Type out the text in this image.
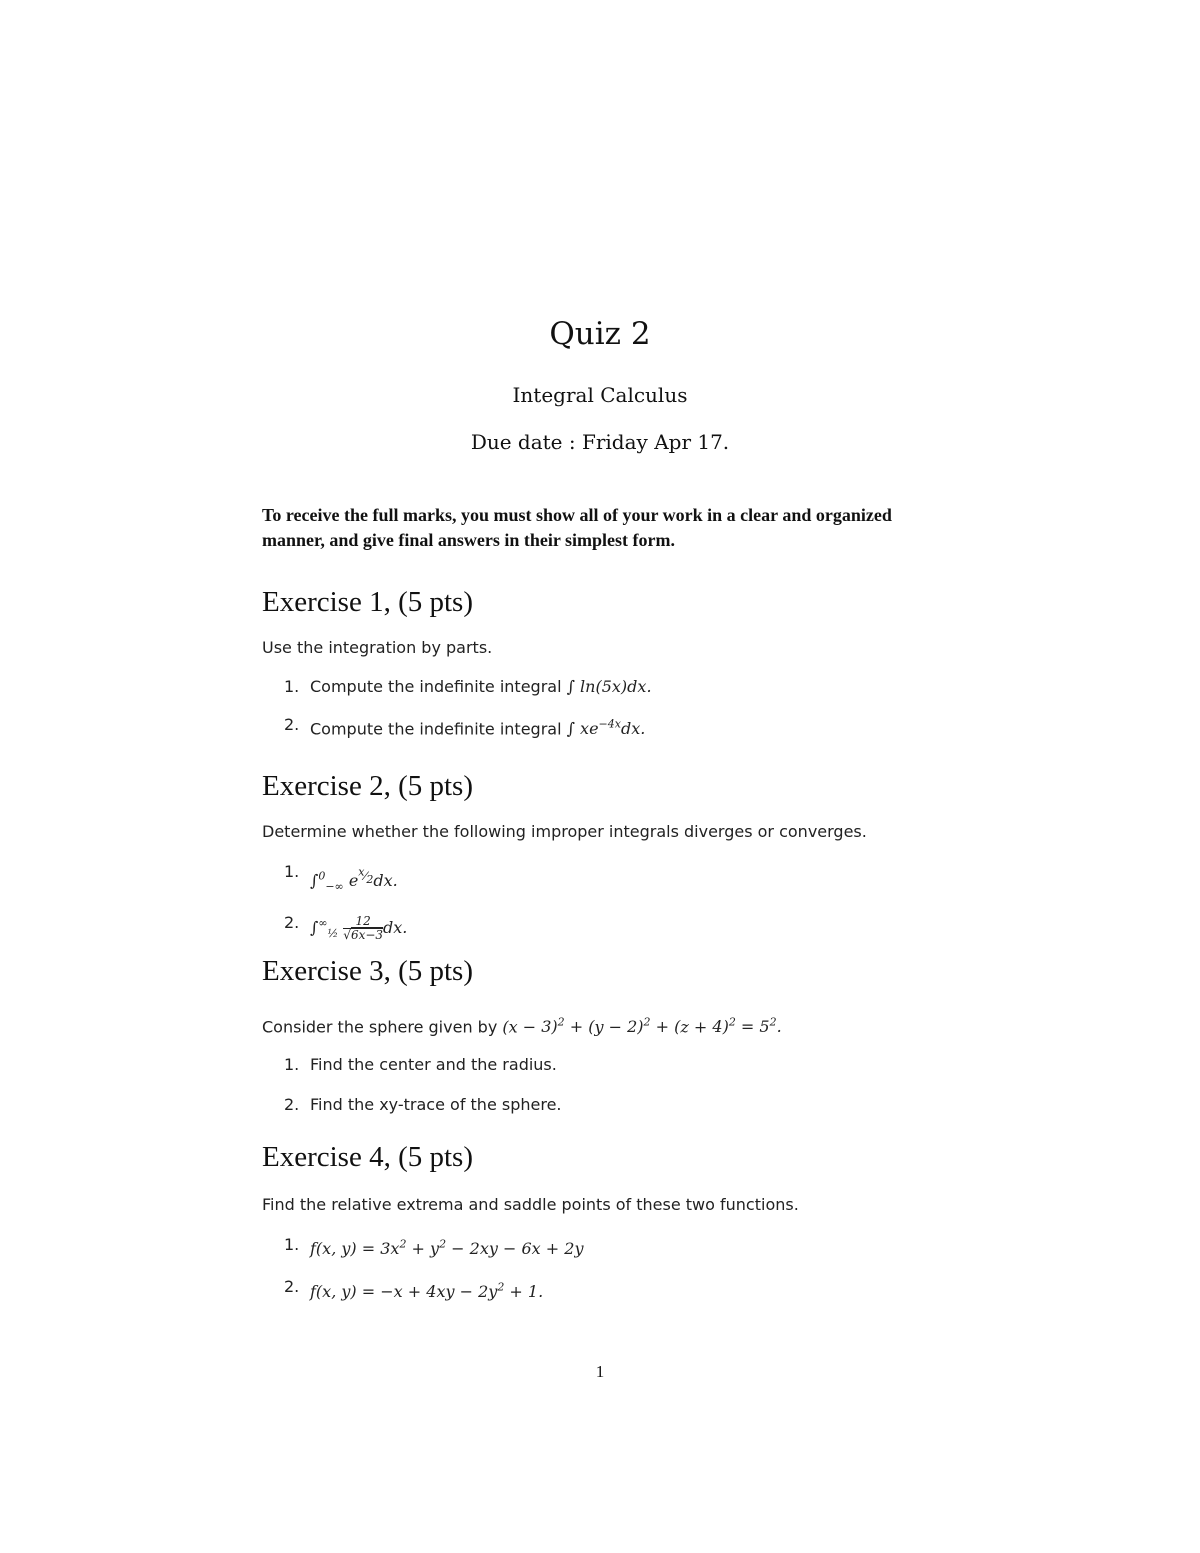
Quiz 2
Integral Calculus
Due date : Friday Apr 17.
To receive the full marks, you must show all of your work in a clear and organized manner, and give final answers in their simplest form.
Exercise 1, (5 pts)
Use the integration by parts.
1. Compute the indefinite integral ∫ ln(5x)dx.
2. Compute the indefinite integral ∫ $xe^{-4x}dx$.
Exercise 2, (5 pts)
Determine whether the following improper integrals diverges or converges.
1. ∫$^0_{-\infty}$ $e^{^x⁄_2}dx$.
2. $\int^\infty_{\frac{1}{2}} \frac{12}{√6x-3}$ dx.
Exercise 3, (5 pts)
Consider the sphere given by $(x - 3)^2 + (y - 2)^2 + (z + 4)^2 = 5^2$.
1. Find the center and the radius.
2. Find the xy-trace of the sphere.
Exercise 4, (5 pts)
Find the relative extrema and saddle points of these two functions.
1. f(x, $y) = 3x^2 + y^2 - 2xy - 6x + 2y$
2. f(x, $y) = -x + 4xy - 2y^2 + 1$.
1
